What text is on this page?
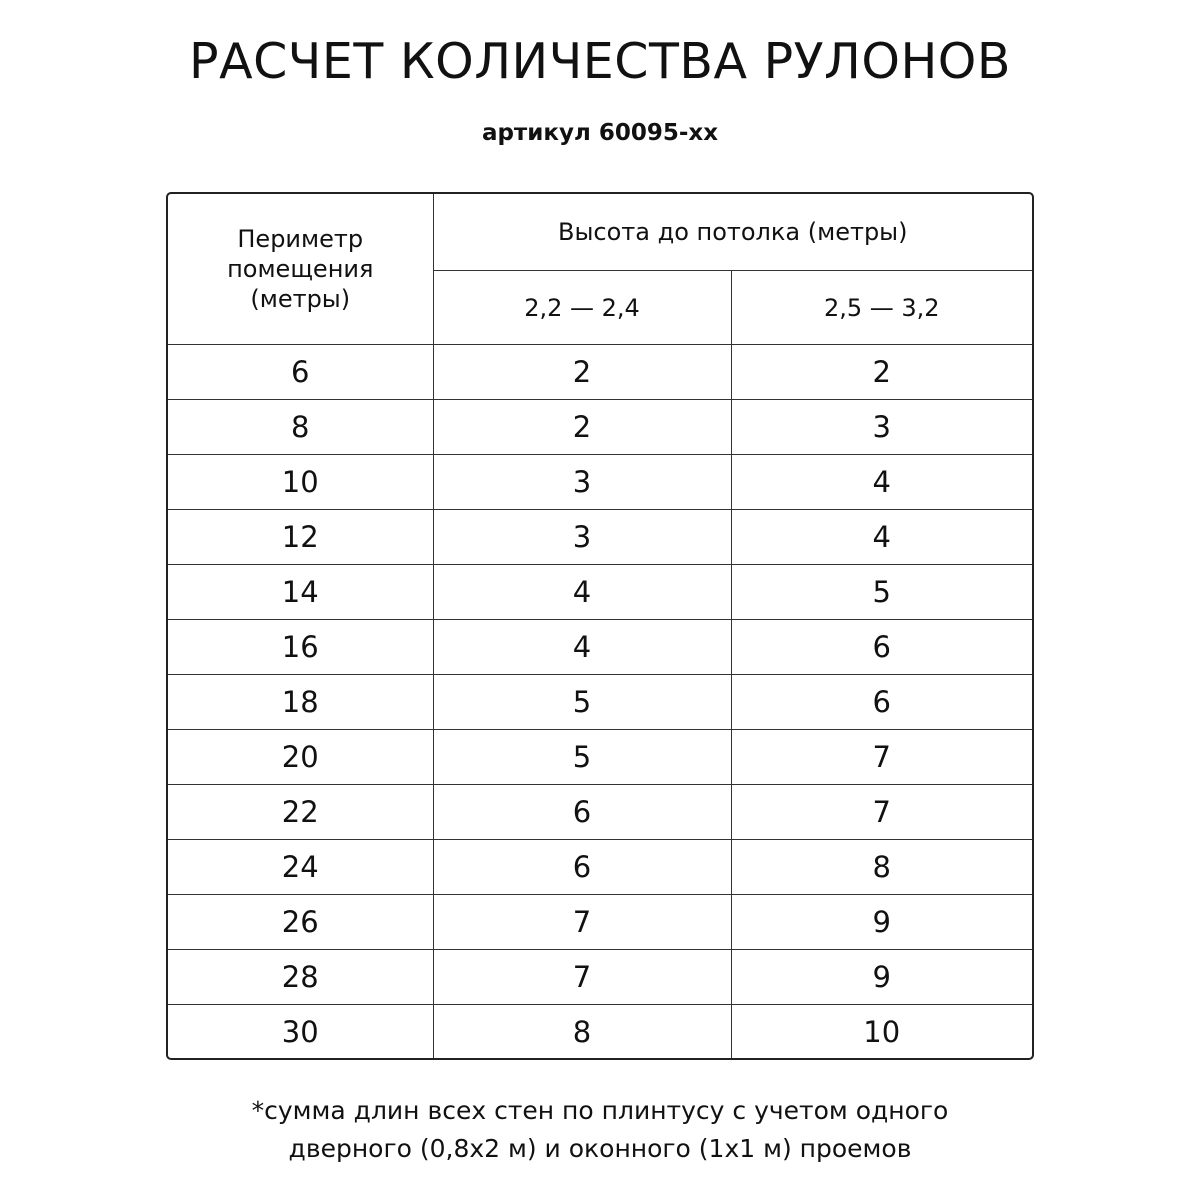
РАСЧЕТ КОЛИЧЕСТВА РУЛОНОВ
артикул 60095-хх
Периметр помещения (метры)	Высота до потолка (метры)	
	2,2 — 2,4	2,5 — 3,2
6	2	2
8	2	3
10	3	4
12	3	4
14	4	5
16	4	6
18	5	6
20	5	7
22	6	7
24	6	8
26	7	9
28	7	9
30	8	10
*сумма длин всех стен по плинтусу с учетом одного
дверного (0,8х2 м) и оконного (1х1 м) проемов
